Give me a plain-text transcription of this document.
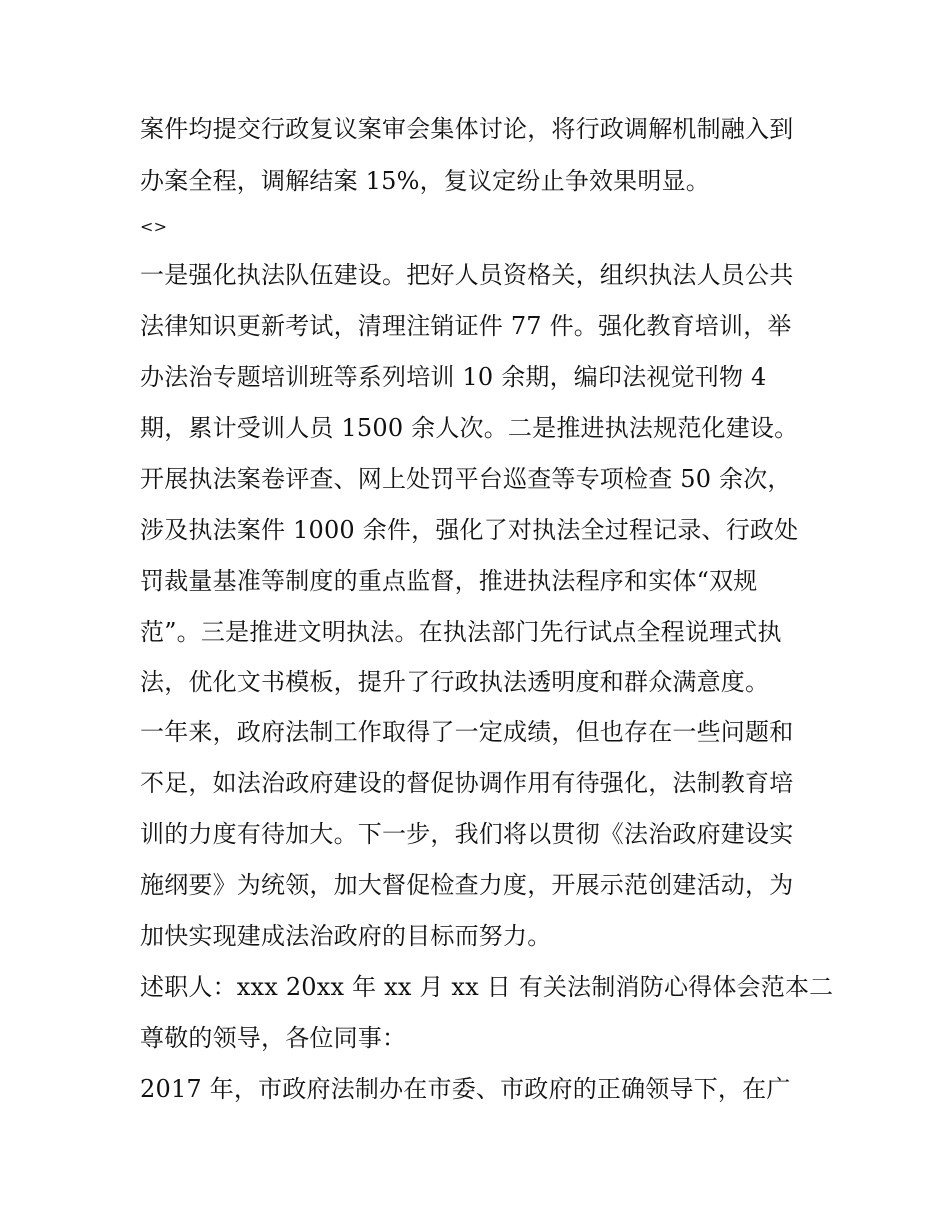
案件均提交行政复议案审会集体讨论，将行政调解机制融入到
办案全程，调解结案 15%，复议定纷止争效果明显。
<>
一是强化执法队伍建设。把好人员资格关，组织执法人员公共
法律知识更新考试，清理注销证件 77 件。强化教育培训，举
办法治专题培训班等系列培训 10 余期，编印法视觉刊物 4
期，累计受训人员 1500 余人次。二是推进执法规范化建设。
开展执法案卷评查、网上处罚平台巡查等专项检查 50 余次，
涉及执法案件 1000 余件，强化了对执法全过程记录、行政处
罚裁量基准等制度的重点监督，推进执法程序和实体“双规
范”。三是推进文明执法。在执法部门先行试点全程说理式执
法，优化文书模板，提升了行政执法透明度和群众满意度。
一年来，政府法制工作取得了一定成绩，但也存在一些问题和
不足，如法治政府建设的督促协调作用有待强化，法制教育培
训的力度有待加大。下一步，我们将以贯彻《法治政府建设实
施纲要》为统领，加大督促检查力度，开展示范创建活动，为
加快实现建成法治政府的目标而努力。
述职人：xxx 20xx 年 xx 月 xx 日 有关法制消防心得体会范本二
尊敬的领导，各位同事：
2017 年，市政府法制办在市委、市政府的正确领导下，在广
